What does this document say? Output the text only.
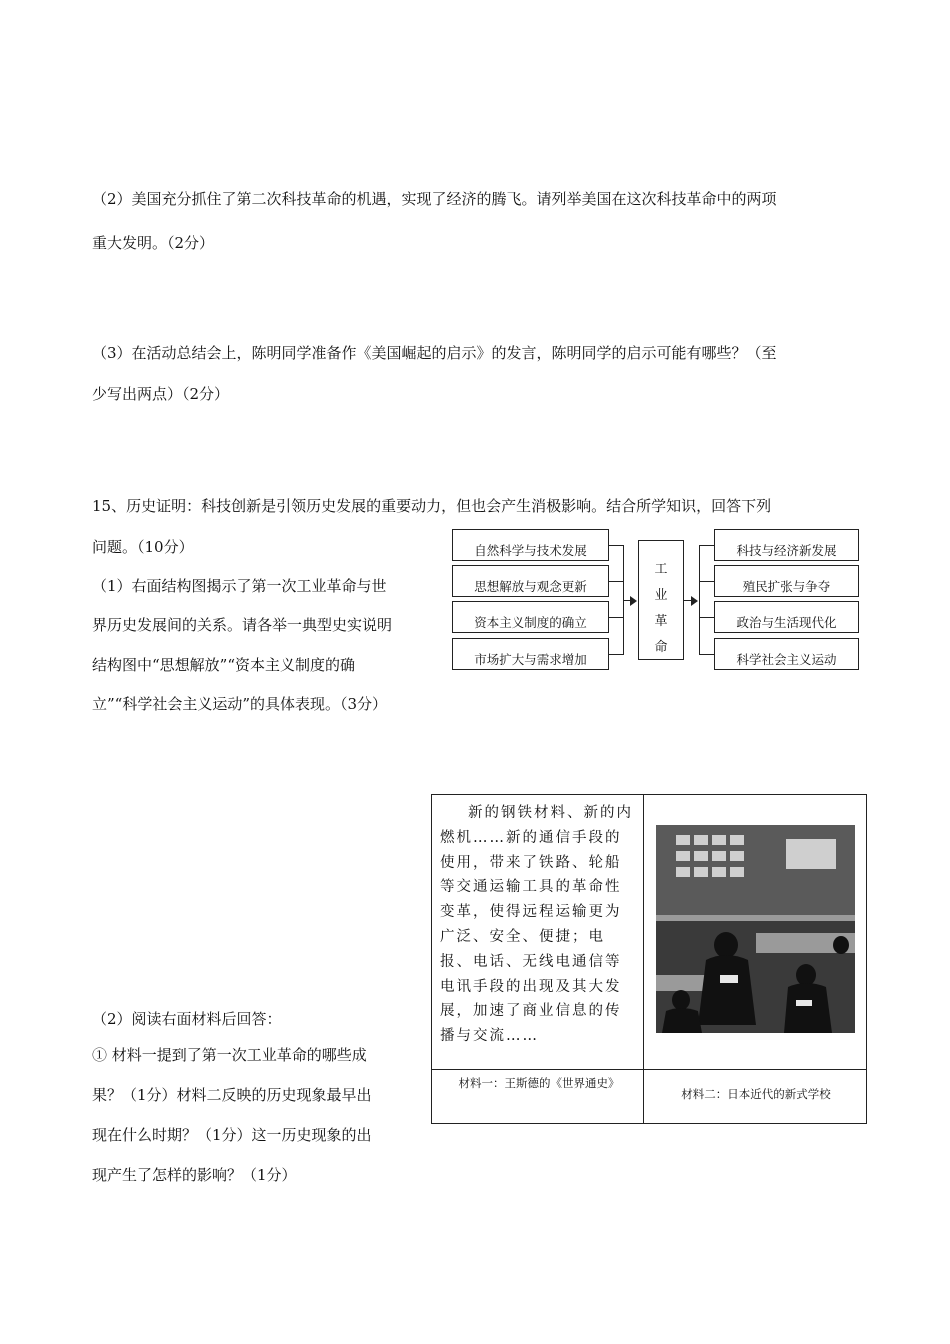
（2）美国充分抓住了第二次科技革命的机遇，实现了经济的腾飞。请列举美国在这次科技革命中的两项
重大发明。（2分）
（3）在活动总结会上，陈明同学准备作《美国崛起的启示》的发言，陈明同学的启示可能有哪些？（至
少写出两点）（2分）
15、历史证明：科技创新是引领历史发展的重要动力，但也会产生消极影响。结合所学知识，回答下列
问题。（10分）
（1）右面结构图揭示了第一次工业革命与世
界历史发展间的关系。请各举一典型史实说明
结构图中“思想解放”“资本主义制度的确
立”“科学社会主义运动”的具体表现。（3分）
自然科学与技术发展
思想解放与观念更新
资本主义制度的确立
市场扩大与需求增加
工
业
革
命
科技与经济新发展
殖民扩张与争夺
政治与生活现代化
科学社会主义运动
（2）阅读右面材料后回答：
① 材料一提到了第一次工业革命的哪些成
果？（1分）材料二反映的历史现象最早出
现在什么时期？（1分）这一历史现象的出
现产生了怎样的影响？（1分）
新的钢铁材料、新的内燃机……新的通信手段的使用，带来了铁路、轮船等交通运输工具的革命性变革，使得远程运输更为广泛、安全、便捷；电报、电话、无线电通信等电讯手段的出现及其大发展，加速了商业信息的传播与交流……
材料一：王斯德的《世界通史》
材料二：日本近代的新式学校
